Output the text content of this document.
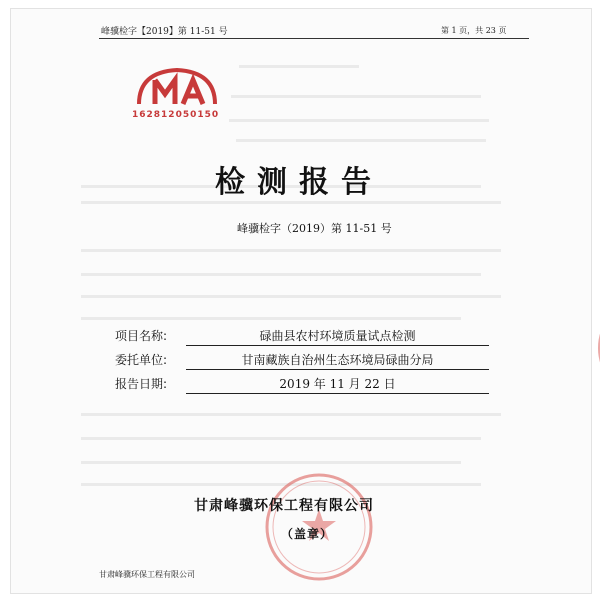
峰骥检字【2019】第 11-51 号	第 1 页，共 23 页
162812050150
检测报告
峰骥检字（2019）第 11-51 号
项目名称:	碌曲县农村环境质量试点检测
委托单位:	甘南藏族自治州生态环境局碌曲分局
报告日期:	2019 年 11 月 22 日
甘肃峰骥环保工程有限公司
（盖章）
甘肃峰骥环保工程有限公司
